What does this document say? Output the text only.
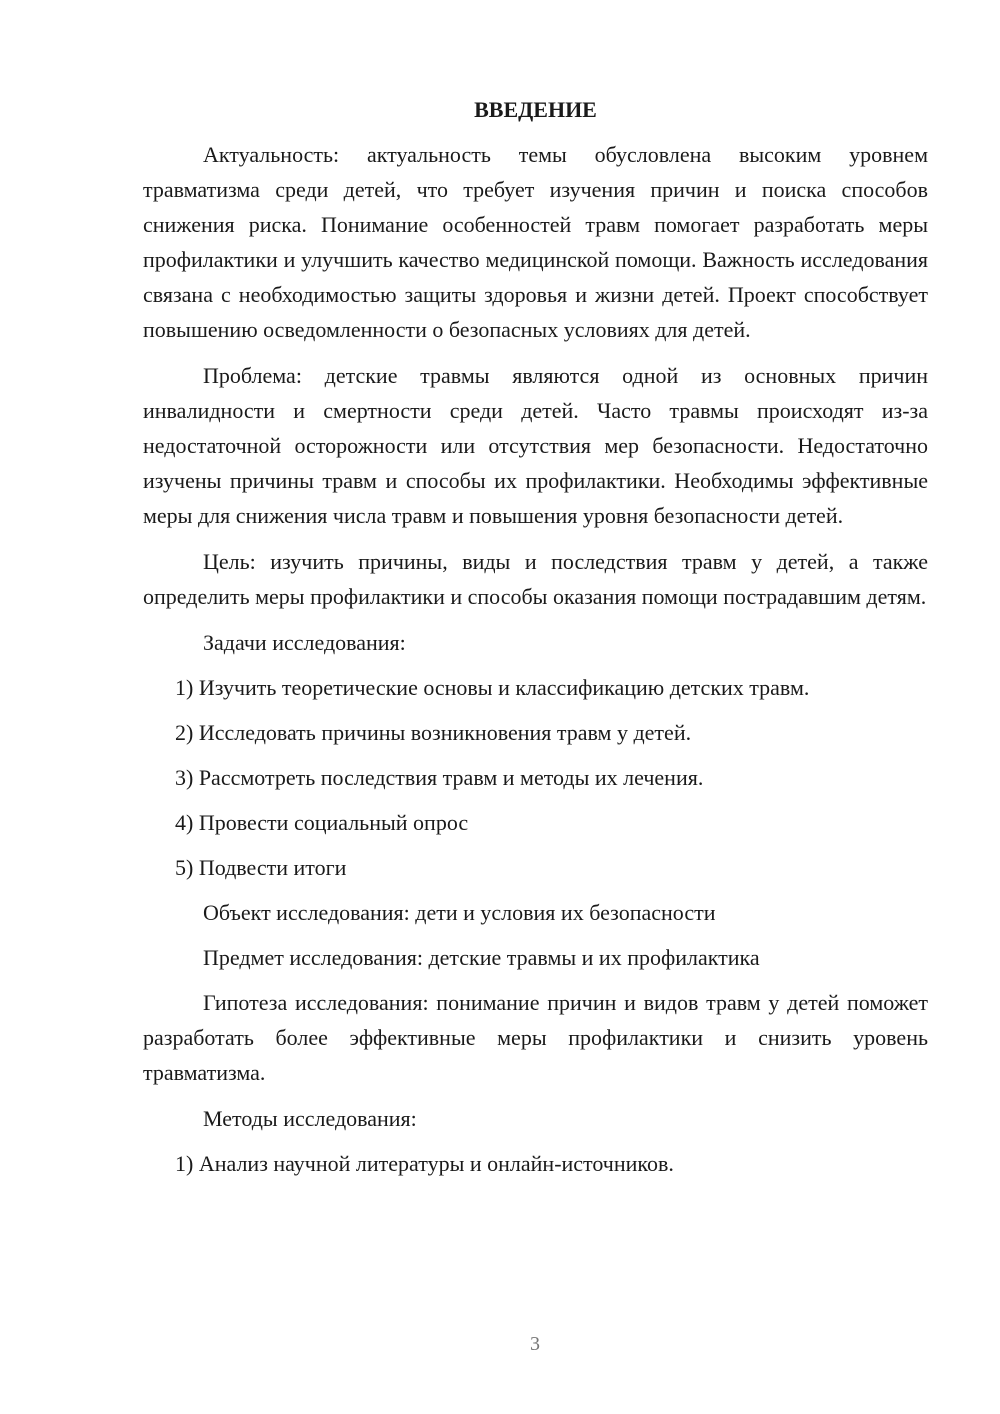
ВВЕДЕНИЕ

Актуальность: актуальность темы обусловлена высоким уровнем травматизма среди детей, что требует изучения причин и поиска способов снижения риска. Понимание особенностей травм помогает разработать меры профилактики и улучшить качество медицинской помощи. Важность исследования связана с необходимостью защиты здоровья и жизни детей. Проект способствует повышению осведомленности о безопасных условиях для детей.

Проблема: детские травмы являются одной из основных причин инвалидности и смертности среди детей. Часто травмы происходят из-за недостаточной осторожности или отсутствия мер безопасности. Недостаточно изучены причины травм и способы их профилактики. Необходимы эффективные меры для снижения числа травм и повышения уровня безопасности детей.

Цель: изучить причины, виды и последствия травм у детей, а также определить меры профилактики и способы оказания помощи пострадавшим детям.

Задачи исследования:

1) Изучить теоретические основы и классификацию детских травм.

2) Исследовать причины возникновения травм у детей.

3) Рассмотреть последствия травм и методы их лечения.

4) Провести социальный опрос

5) Подвести итоги

Объект исследования: дети и условия их безопасности

Предмет исследования: детские травмы и их профилактика

Гипотеза исследования: понимание причин и видов травм у детей поможет разработать более эффективные меры профилактики и снизить уровень травматизма.

Методы исследования:

1) Анализ научной литературы и онлайн-источников.

3
